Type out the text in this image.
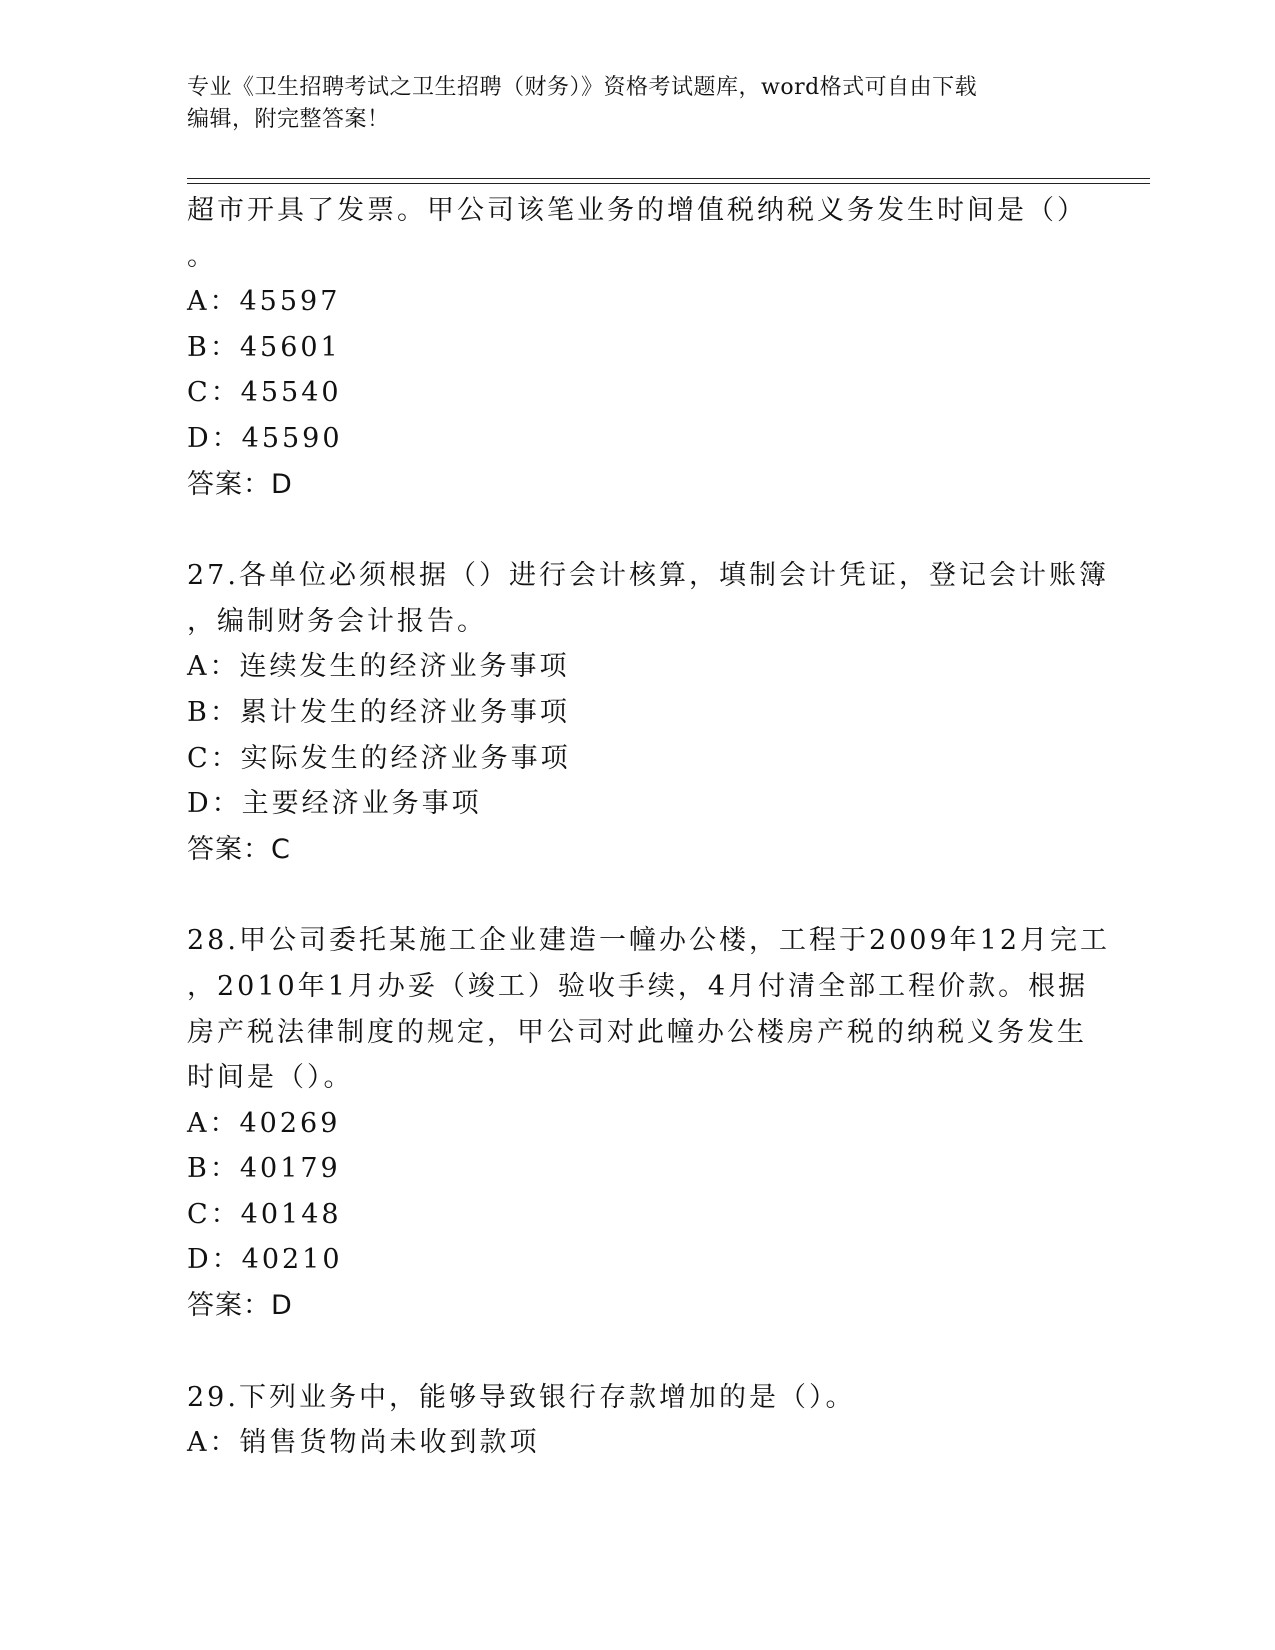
专业《卫生招聘考试之卫生招聘（财务）》资格考试题库，word格式可自由下载
编辑，附完整答案！
超市开具了发票。甲公司该笔业务的增值税纳税义务发生时间是（）
。
A：45597
B：45601
C：45540
D：45590
答案：D
27.各单位必须根据（）进行会计核算，填制会计凭证，登记会计账簿
，编制财务会计报告。
A：连续发生的经济业务事项
B：累计发生的经济业务事项
C：实际发生的经济业务事项
D：主要经济业务事项
答案：C
28.甲公司委托某施工企业建造一幢办公楼，工程于2009年12月完工
，2010年1月办妥（竣工）验收手续，4月付清全部工程价款。根据
房产税法律制度的规定，甲公司对此幢办公楼房产税的纳税义务发生
时间是（）。
A：40269
B：40179
C：40148
D：40210
答案：D
29.下列业务中，能够导致银行存款增加的是（）。
A：销售货物尚未收到款项
